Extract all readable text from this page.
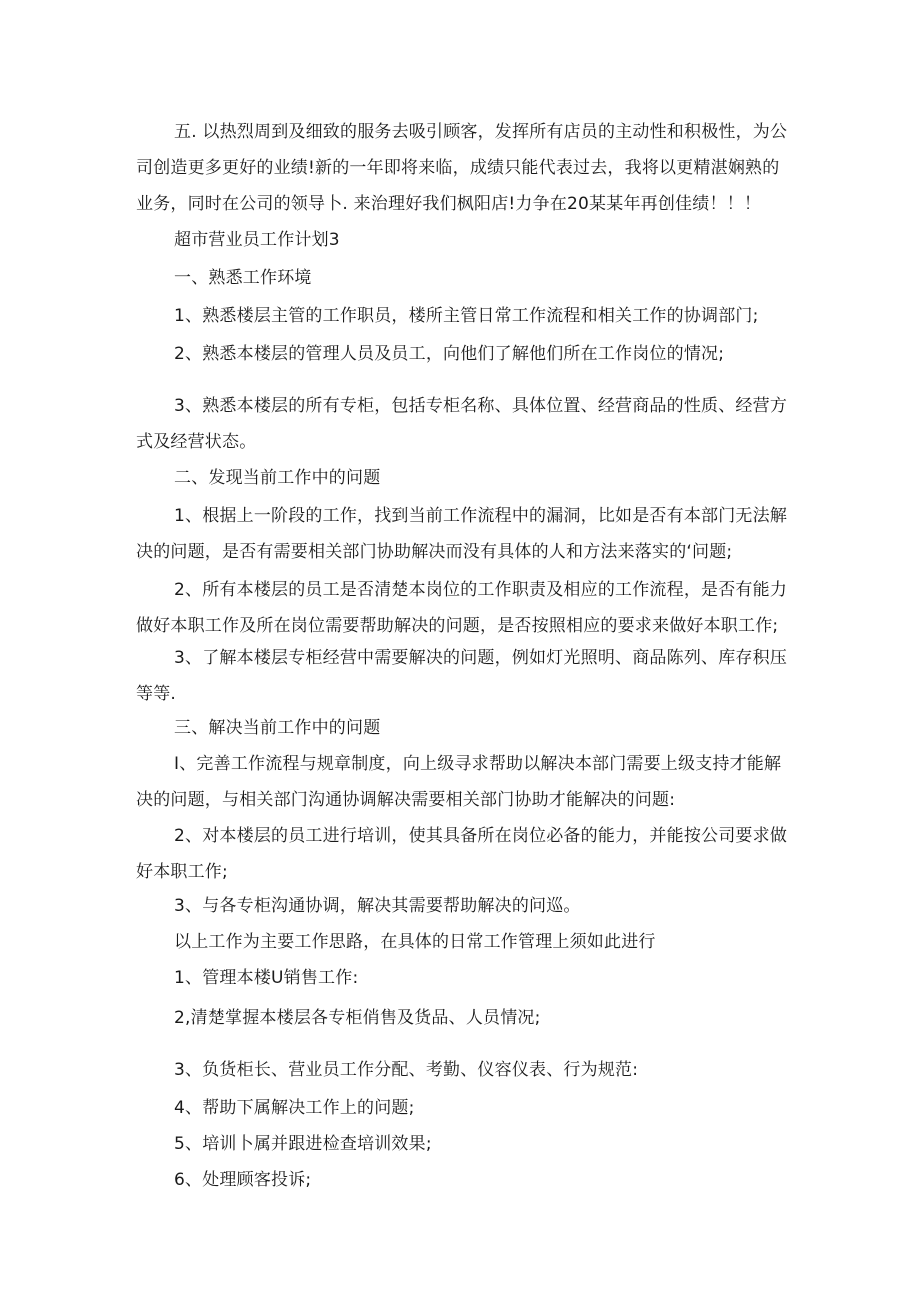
五. 以热烈周到及细致的服务去吸引顾客，发挥所有店员的主动性和积极性，为公司创造更多更好的业绩!新的一年即将来临，成绩只能代表过去，我将以更精湛娴熟的业务，同时在公司的领导卜. 来治理好我们枫阳店!力争在20某某年再创佳绩！！！

超市营业员工作计划3

一、熟悉工作环境

1、熟悉楼层主管的工作职员，楼所主管日常工作流程和相关工作的协调部门;

2、熟悉本楼层的管理人员及员工，向他们了解他们所在工作岗位的情况;

3、熟悉本楼层的所有专柜，包括专柜名称、具体位置、经营商品的性质、经营方式及经营状态。

二、发现当前工作中的问题

1、根据上一阶段的工作，找到当前工作流程中的漏洞，比如是否有本部门无法解决的问题，是否有需要相关部门协助解决而没有具体的人和方法来落实的‘问题;

2、所有本楼层的员工是否清楚本岗位的工作职责及相应的工作流程，是否有能力做好本职工作及所在岗位需要帮助解决的问题，是否按照相应的要求来做好本职工作;

3、了解本楼层专柜经营中需要解决的问题，例如灯光照明、商品陈列、库存积压等等.

三、解决当前工作中的问题

I、完善工作流程与规章制度，向上级寻求帮助以解决本部门需要上级支持才能解决的问题，与相关部门沟通协调解决需要相关部门协助才能解决的问题:

2、对本楼层的员工进行培训，使其具备所在岗位必备的能力，并能按公司要求做好本职工作;

3、与各专柜沟通协调，解决其需要帮助解决的问巡。

以上工作为主要工作思路，在具体的日常工作管理上须如此进行

1、管理本楼U销售工作:

2,清楚掌握本楼层各专柜俏售及货品、人员情况;

3、负货柜长、营业员工作分配、考勤、仪容仪表、行为规范:

4、帮助下属解决工作上的问题;

5、培训卜属并跟进检查培训效果;

6、处理顾客投诉;
